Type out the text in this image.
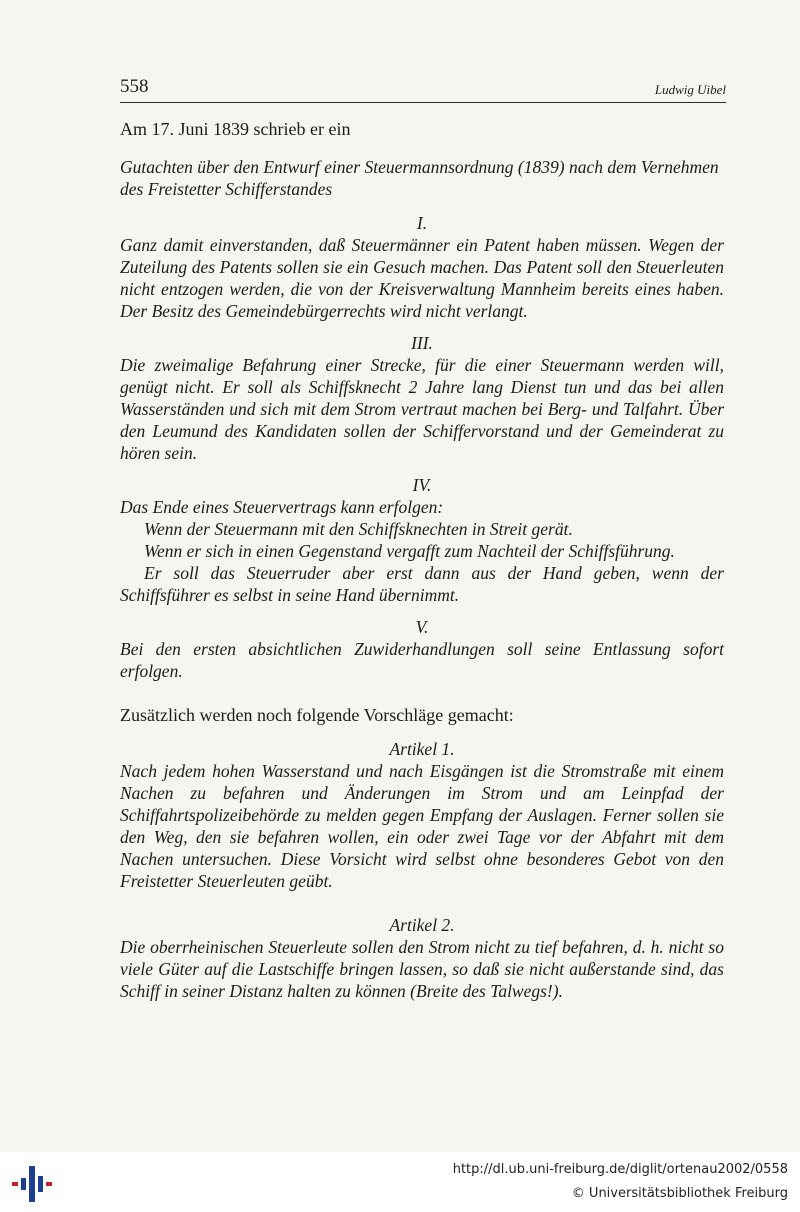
558	Ludwig Uibel

Am 17. Juni 1839 schrieb er ein

Gutachten über den Entwurf einer Steuermannsordnung (1839) nach dem Vernehmen des Freistetter Schifferstandes

I.

Ganz damit einverstanden, daß Steuermänner ein Patent haben müssen. Wegen der Zuteilung des Patents sollen sie ein Gesuch machen. Das Patent soll den Steuerleuten nicht entzogen werden, die von der Kreisverwaltung Mannheim bereits eines haben. Der Besitz des Gemeindebürgerrechts wird nicht verlangt.

III.

Die zweimalige Befahrung einer Strecke, für die einer Steuermann werden will, genügt nicht. Er soll als Schiffsknecht 2 Jahre lang Dienst tun und das bei allen Wasserständen und sich mit dem Strom vertraut machen bei Berg- und Talfahrt. Über den Leumund des Kandidaten sollen der Schiffervorstand und der Gemeinderat zu hören sein.

IV.

Das Ende eines Steuervertrags kann erfolgen:

Wenn der Steuermann mit den Schiffsknechten in Streit gerät.

Wenn er sich in einen Gegenstand vergafft zum Nachteil der Schiffsführung.

Er soll das Steuerruder aber erst dann aus der Hand geben, wenn der Schiffsführer es selbst in seine Hand übernimmt.

V.

Bei den ersten absichtlichen Zuwiderhandlungen soll seine Entlassung sofort erfolgen.

Zusätzlich werden noch folgende Vorschläge gemacht:

Artikel 1.

Nach jedem hohen Wasserstand und nach Eisgängen ist die Stromstraße mit einem Nachen zu befahren und Änderungen im Strom und am Leinpfad der Schiffahrtspolizeibehörde zu melden gegen Empfang der Auslagen. Ferner sollen sie den Weg, den sie befahren wollen, ein oder zwei Tage vor der Abfahrt mit dem Nachen untersuchen. Diese Vorsicht wird selbst ohne besonderes Gebot von den Freistetter Steuerleuten geübt.

Artikel 2.

Die oberrheinischen Steuerleute sollen den Strom nicht zu tief befahren, d. h. nicht so viele Güter auf die Lastschiffe bringen lassen, so daß sie nicht außerstande sind, das Schiff in seiner Distanz halten zu können (Breite des Talwegs!).

http://dl.ub.uni-freiburg.de/diglit/ortenau2002/0558
© Universitätsbibliothek Freiburg
